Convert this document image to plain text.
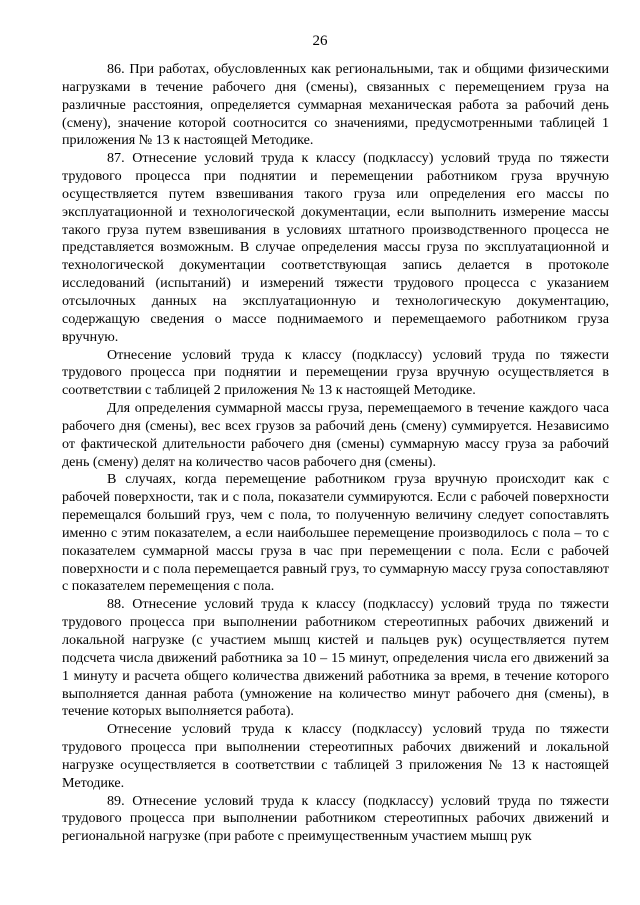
26

86. При работах, обусловленных как региональными, так и общими физическими нагрузками в течение рабочего дня (смены), связанных с перемещением груза на различные расстояния, определяется суммарная механическая работа за рабочий день (смену), значение которой соотносится со значениями, предусмотренными таблицей 1 приложения № 13 к настоящей Методике.

87. Отнесение условий труда к классу (подклассу) условий труда по тяжести трудового процесса при поднятии и перемещении работником груза вручную осуществляется путем взвешивания такого груза или определения его массы по эксплуатационной и технологической документации, если выполнить измерение массы такого груза путем взвешивания в условиях штатного производственного процесса не представляется возможным. В случае определения массы груза по эксплуатационной и технологической документации соответствующая запись делается в протоколе исследований (испытаний) и измерений тяжести трудового процесса с указанием отсылочных данных на эксплуатационную и технологическую документацию, содержащую сведения о массе поднимаемого и перемещаемого работником груза вручную.

Отнесение условий труда к классу (подклассу) условий труда по тяжести трудового процесса при поднятии и перемещении груза вручную осуществляется в соответствии с таблицей 2 приложения № 13 к настоящей Методике.

Для определения суммарной массы груза, перемещаемого в течение каждого часа рабочего дня (смены), вес всех грузов за рабочий день (смену) суммируется. Независимо от фактической длительности рабочего дня (смены) суммарную массу груза за рабочий день (смену) делят на количество часов рабочего дня (смены).

В случаях, когда перемещение работником груза вручную происходит как с рабочей поверхности, так и с пола, показатели суммируются. Если с рабочей поверхности перемещался больший груз, чем с пола, то полученную величину следует сопоставлять именно с этим показателем, а если наибольшее перемещение производилось с пола – то с показателем суммарной массы груза в час при перемещении с пола. Если с рабочей поверхности и с пола перемещается равный груз, то суммарную массу груза сопоставляют с показателем перемещения с пола.

88. Отнесение условий труда к классу (подклассу) условий труда по тяжести трудового процесса при выполнении работником стереотипных рабочих движений и локальной нагрузке (с участием мышц кистей и пальцев рук) осуществляется путем подсчета числа движений работника за 10 – 15 минут, определения числа его движений за 1 минуту и расчета общего количества движений работника за время, в течение которого выполняется данная работа (умножение на количество минут рабочего дня (смены), в течение которых выполняется работа).

Отнесение условий труда к классу (подклассу) условий труда по тяжести трудового процесса при выполнении стереотипных рабочих движений и локальной нагрузке осуществляется в соответствии с таблицей 3 приложения № 13 к настоящей Методике.

89. Отнесение условий труда к классу (подклассу) условий труда по тяжести трудового процесса при выполнении работником стереотипных рабочих движений и региональной нагрузке (при работе с преимущественным участием мышц рук
